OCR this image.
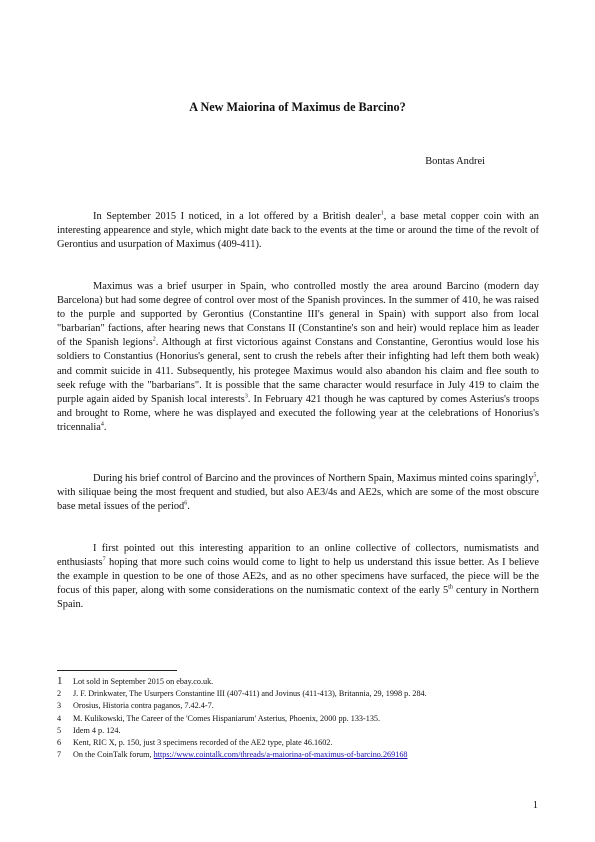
A New Maiorina of Maximus de Barcino?
Bontas Andrei

In September 2015 I noticed, in a lot offered by a British dealer$^1$, a base metal copper coin with an interesting appearence and style, which might date back to the events at the time or around the time of the revolt of Gerontius and usurpation of Maximus (409-411).

Maximus was a brief usurper in Spain, who controlled mostly the area around Barcino (modern day Barcelona) but had some degree of control over most of the Spanish provinces. In the summer of 410, he was raised to the purple and supported by Gerontius (Constantine III's general in Spain) with support also from local "barbarian" factions, after hearing news that Constans II (Constantine's son and heir) would replace him as leader of the Spanish legions$^2$. Although at first victorious against Constans and Constantine, Gerontius would lose his soldiers to Constantius (Honorius's general, sent to crush the rebels after their infighting had left them both weak) and commit suicide in 411. Subsequently, his protegee Maximus would also abandon his claim and flee south to seek refuge with the "barbarians". It is possible that the same character would resurface in July 419 to claim the purple again aided by Spanish local interests$^3$. In February 421 though he was captured by comes Asterius's troops and brought to Rome, where he was displayed and executed the following year at the celebrations of Honorius's tricennalia$^4$.

During his brief control of Barcino and the provinces of Northern Spain, Maximus minted coins sparingly$^5$, with siliquae being the most frequent and studied, but also AE3/4s and AE2s, which are some of the most obscure base metal issues of the period$^6$.

I first pointed out this interesting apparition to an online collective of collectors, numismatists and enthusiasts$^7$ hoping that more such coins would come to light to help us understand this issue better. As I believe the example in question to be one of those AE2s, and as no other specimens have surfaced, the piece will be the focus of this paper, along with some considerations on the numismatic context of the early 5th century in Northern Spain.

1	Lot sold in September 2015 on ebay.co.uk.
2	J. F. Drinkwater, The Usurpers Constantine III (407-411) and Jovinus (411-413), Britannia, 29, 1998 p. 284.
3	Orosius, Historia contra paganos, 7.42.4-7.
4	M. Kulikowski, The Career of the 'Comes Hispaniarum' Asterius, Phoenix, 2000 pp. 133-135.
5	Idem 4 p. 124.
6	Kent, RIC X, p. 150, just 3 specimens recorded of the AE2 type, plate 46.1602.
7	On the CoinTalk forum, https://www.cointalk.com/threads/a-maiorina-of-maximus-of-barcino.269168
1
